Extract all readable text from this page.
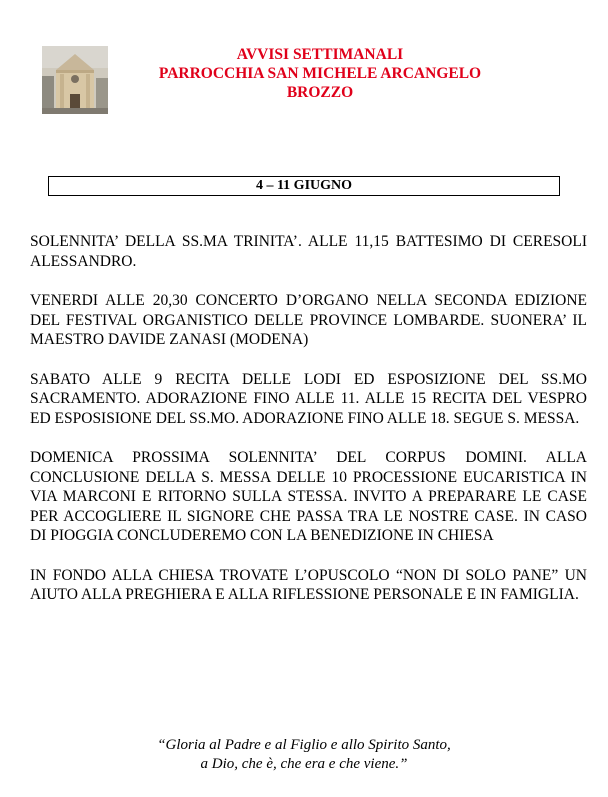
AVVISI SETTIMANALI
PARROCCHIA SAN MICHELE ARCANGELO
BROZZO
4 – 11 GIUGNO

SOLENNITA’ DELLA SS.MA TRINITA’. ALLE 11,15 BATTESIMO DI CERESOLI ALESSANDRO.

VENERDI ALLE 20,30 CONCERTO D’ORGANO NELLA SECONDA EDIZIONE DEL FESTIVAL ORGANISTICO DELLE PROVINCE LOMBARDE. SUONERA’ IL MAESTRO DAVIDE ZANASI (MODENA)

SABATO ALLE 9 RECITA DELLE LODI ED ESPOSIZIONE DEL SS.MO SACRAMENTO. ADORAZIONE FINO ALLE 11. ALLE 15 RECITA DEL VESPRO ED ESPOSISIONE DEL SS.MO. ADORAZIONE FINO ALLE 18. SEGUE S. MESSA.

DOMENICA PROSSIMA SOLENNITA’ DEL CORPUS DOMINI. ALLA CONCLUSIONE DELLA S. MESSA DELLE 10 PROCESSIONE EUCARISTICA IN VIA MARCONI E RITORNO SULLA STESSA. INVITO A PREPARARE LE CASE PER ACCOGLIERE IL SIGNORE CHE PASSA TRA LE NOSTRE CASE. IN CASO DI PIOGGIA CONCLUDEREMO CON LA BENEDIZIONE IN CHIESA

IN FONDO ALLA CHIESA TROVATE L’OPUSCOLO “NON DI SOLO PANE” UN AIUTO ALLA PREGHIERA E ALLA RIFLESSIONE PERSONALE E IN FAMIGLIA.

“Gloria al Padre e al Figlio e allo Spirito Santo,
a Dio, che è, che era e che viene.”
